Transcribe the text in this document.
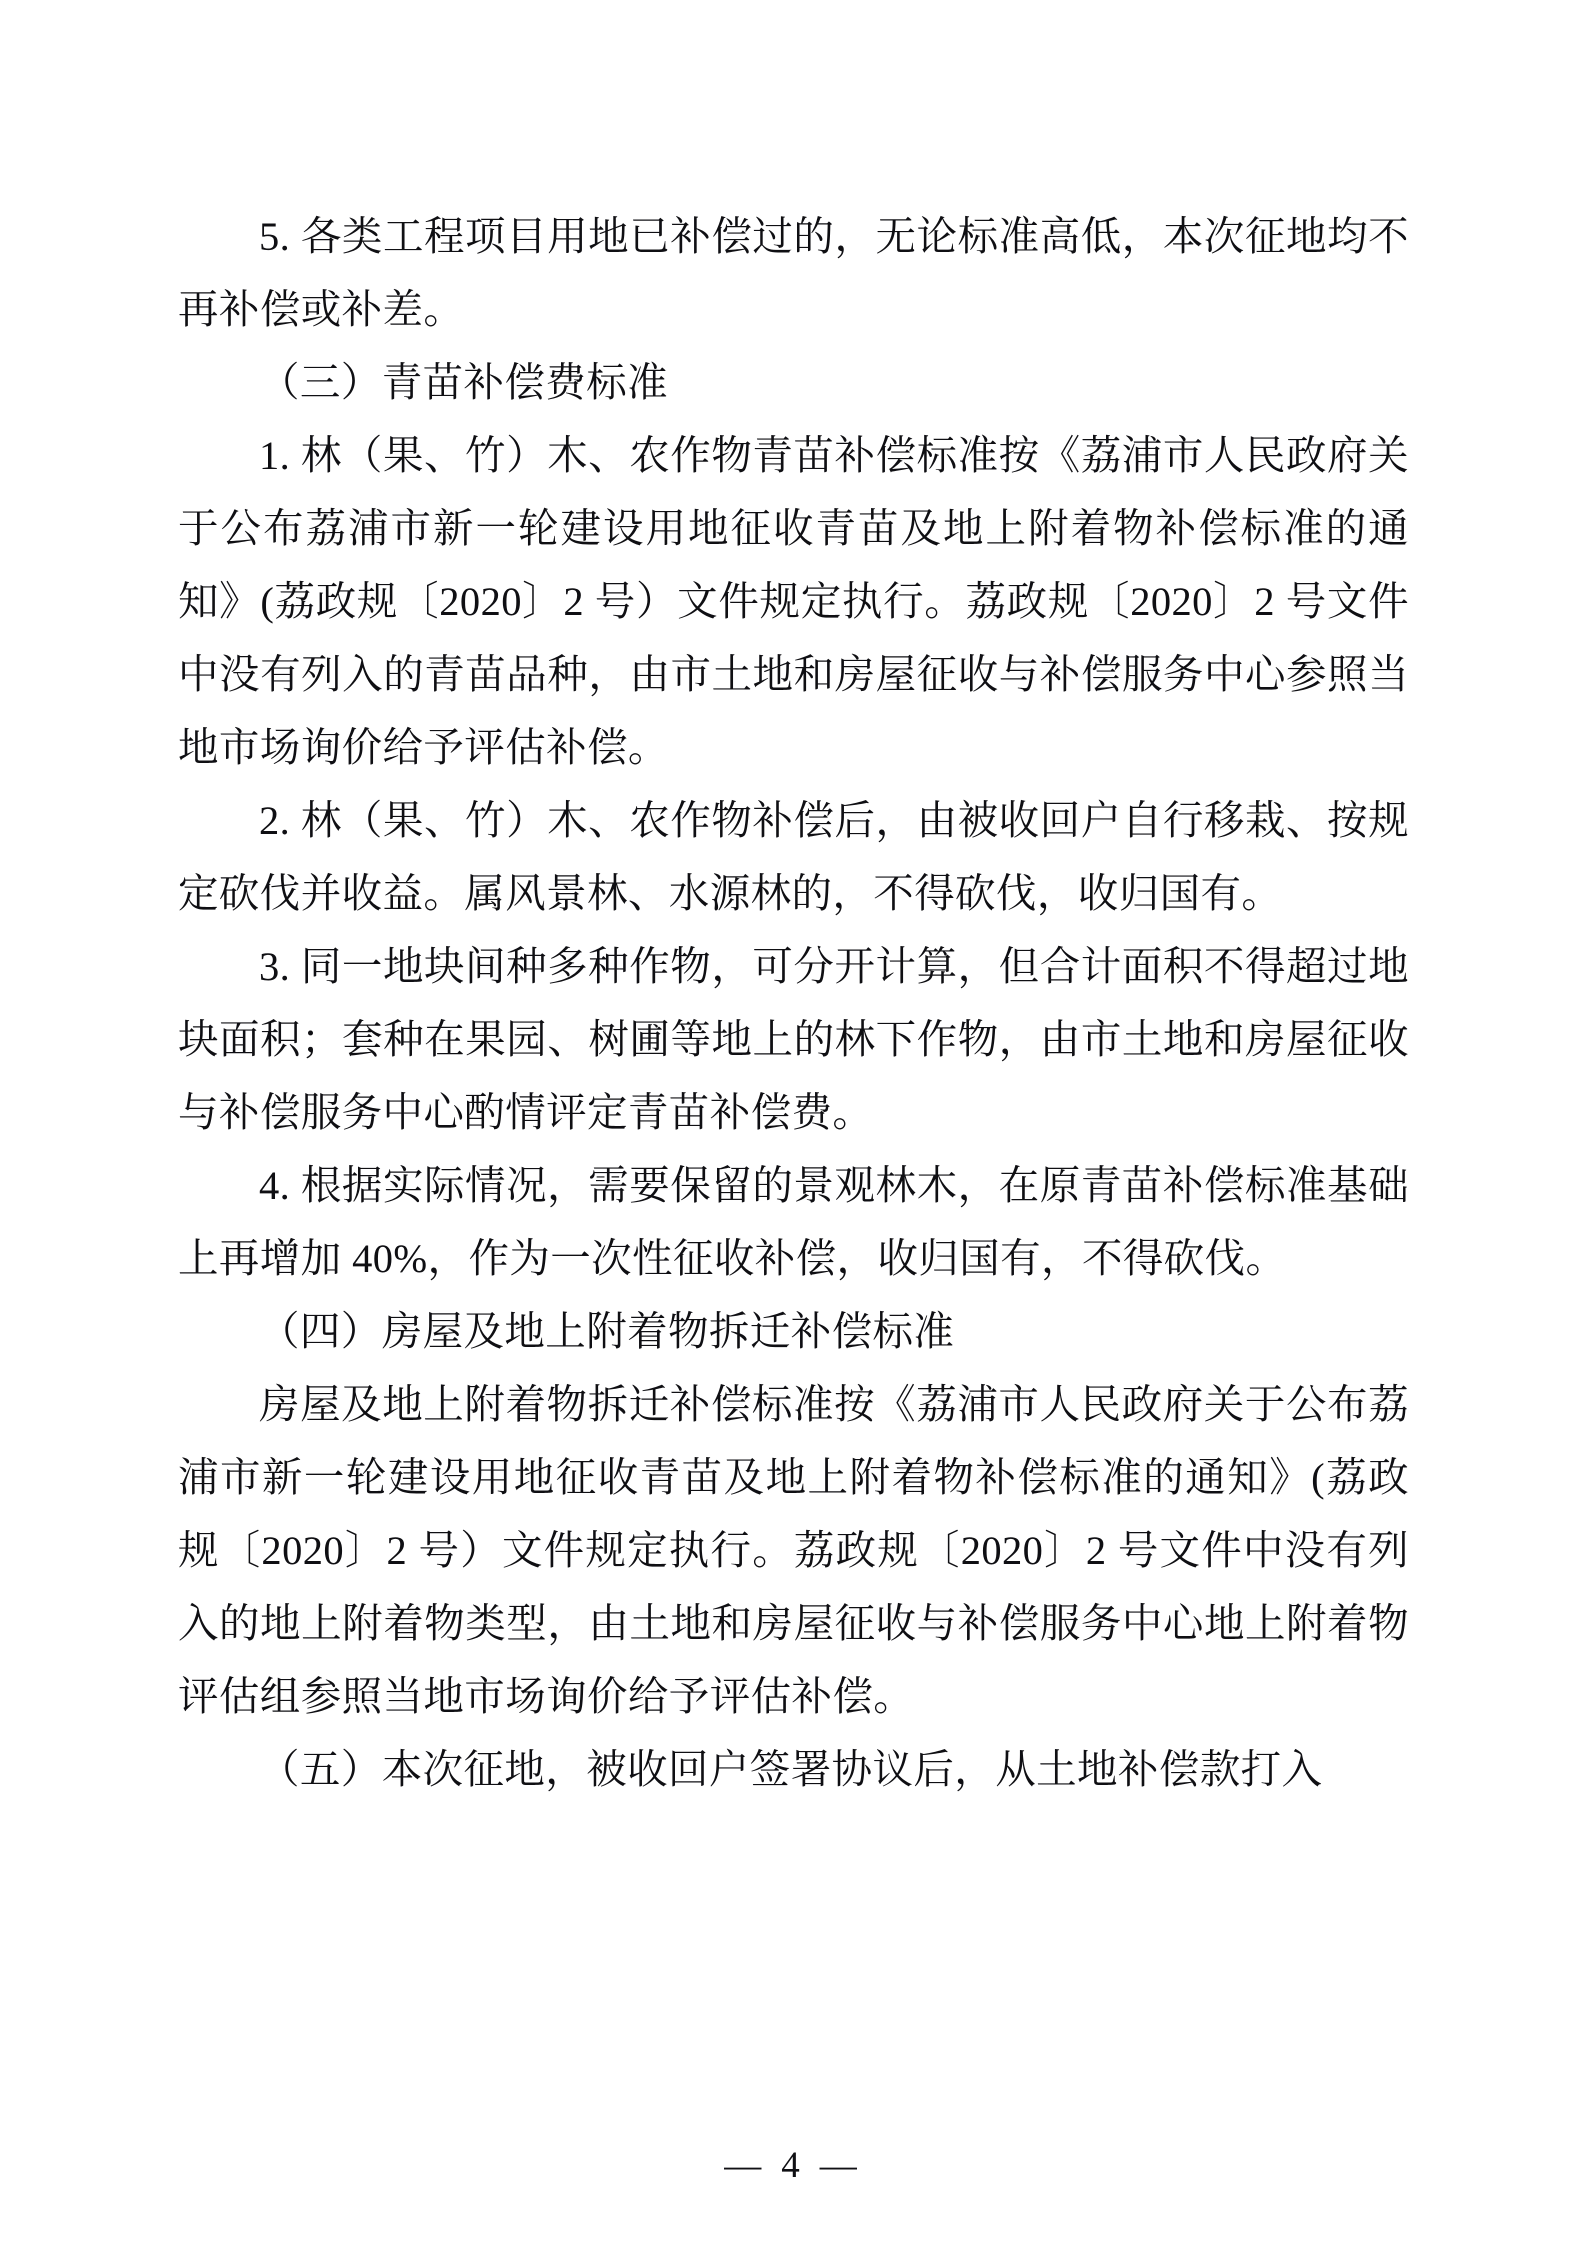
5. 各类工程项目用地已补偿过的，无论标准高低，本次征地均不再补偿或补差。

（三）青苗补偿费标准

1. 林（果、竹）木、农作物青苗补偿标准按《荔浦市人民政府关于公布荔浦市新一轮建设用地征收青苗及地上附着物补偿标准的通知》(荔政规〔2020〕2 号）文件规定执行。荔政规〔2020〕2 号文件中没有列入的青苗品种，由市土地和房屋征收与补偿服务中心参照当地市场询价给予评估补偿。

2. 林（果、竹）木、农作物补偿后，由被收回户自行移栽、按规定砍伐并收益。属风景林、水源林的，不得砍伐，收归国有。

3. 同一地块间种多种作物，可分开计算，但合计面积不得超过地块面积；套种在果园、树圃等地上的林下作物，由市土地和房屋征收与补偿服务中心酌情评定青苗补偿费。

4. 根据实际情况，需要保留的景观林木，在原青苗补偿标准基础上再增加 40%，作为一次性征收补偿，收归国有，不得砍伐。

（四）房屋及地上附着物拆迁补偿标准

房屋及地上附着物拆迁补偿标准按《荔浦市人民政府关于公布荔浦市新一轮建设用地征收青苗及地上附着物补偿标准的通知》(荔政规〔2020〕2 号）文件规定执行。荔政规〔2020〕2 号文件中没有列入的地上附着物类型，由土地和房屋征收与补偿服务中心地上附着物评估组参照当地市场询价给予评估补偿。

（五）本次征地，被收回户签署协议后，从土地补偿款打入

— 4 —
